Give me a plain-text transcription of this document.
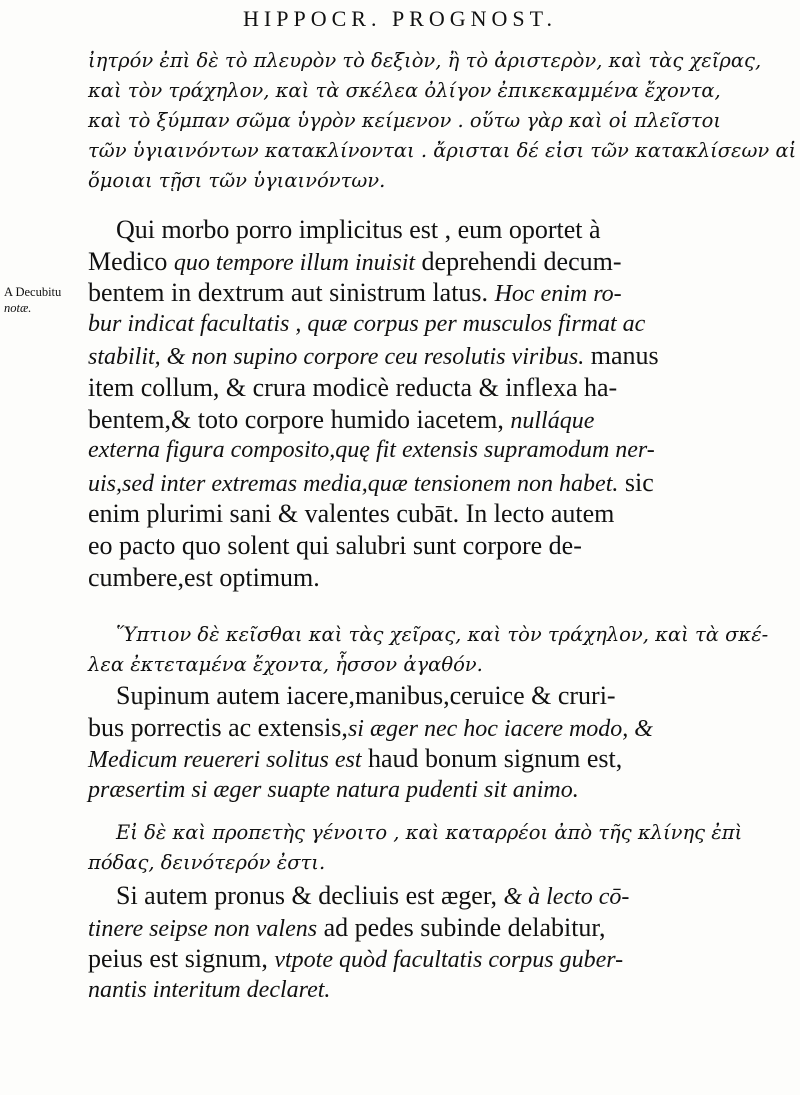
HIPPOCR. PROGNOST.
A Decubitu
notæ.
ἰητρόν ἐπὶ δὲ τὸ πλευρὸν τὸ δεξιὸν, ἢ τὸ ἀριστερὸν, καὶ τὰς χεῖρας,
καὶ τὸν τράχηλον, καὶ τὰ σκέλεα ὀλίγον ἐπικεκαμμένα ἔχοντα,
καὶ τὸ ξύμπαν σῶμα ὑγρὸν κείμενον . οὕτω γὰρ καὶ οἱ πλεῖστοι
τῶν ὑγιαινόντων κατακλίνονται . ἄρισται δέ εἰσι τῶν κατακλίσεων αἱ
ὅμοιαι τῇσι τῶν ὑγιαινόντων.
Qui morbo porro implicitus est , eum oportet à
Medico quo tempore illum inuisit deprehendi decum-
bentem in dextrum aut sinistrum latus. Hoc enim ro-
bur indicat facultatis , quæ corpus per musculos firmat ac
stabilit, & non supino corpore ceu resolutis viribus. manus
item collum, & crura modicè reducta & inflexa ha-
bentem,& toto corpore humido iacetem, nulláque
externa figura composito,quę fit extensis supramodum ner-
uis,sed inter extremas media,quæ tensionem non habet. sic
enim plurimi sani & valentes cubāt. In lecto autem
eo pacto quo solent qui salubri sunt corpore de-
cumbere,est optimum.
Ὕπτιον δὲ κεῖσθαι καὶ τὰς χεῖρας, καὶ τὸν τράχηλον, καὶ τὰ σκέ-
λεα ἐκτεταμένα ἔχοντα, ἧσσον ἀγαθόν.
Supinum autem iacere,manibus,ceruice & cruri-
bus porrectis ac extensis,si æger nec hoc iacere modo, &
Medicum reuereri solitus est haud bonum signum est,
præsertim si æger suapte natura pudenti sit animo.
Εἰ δὲ καὶ προπετὴς γένοιτο , καὶ καταρρέοι ἀπὸ τῆς κλίνης ἐπὶ
πόδας, δεινότερόν ἐστι.
Si autem pronus & decliuis est æger, & à lecto cō-
tinere seipse non valens ad pedes subinde delabitur,
peius est signum, vtpote quòd facultatis corpus guber-
nantis interitum declaret.
